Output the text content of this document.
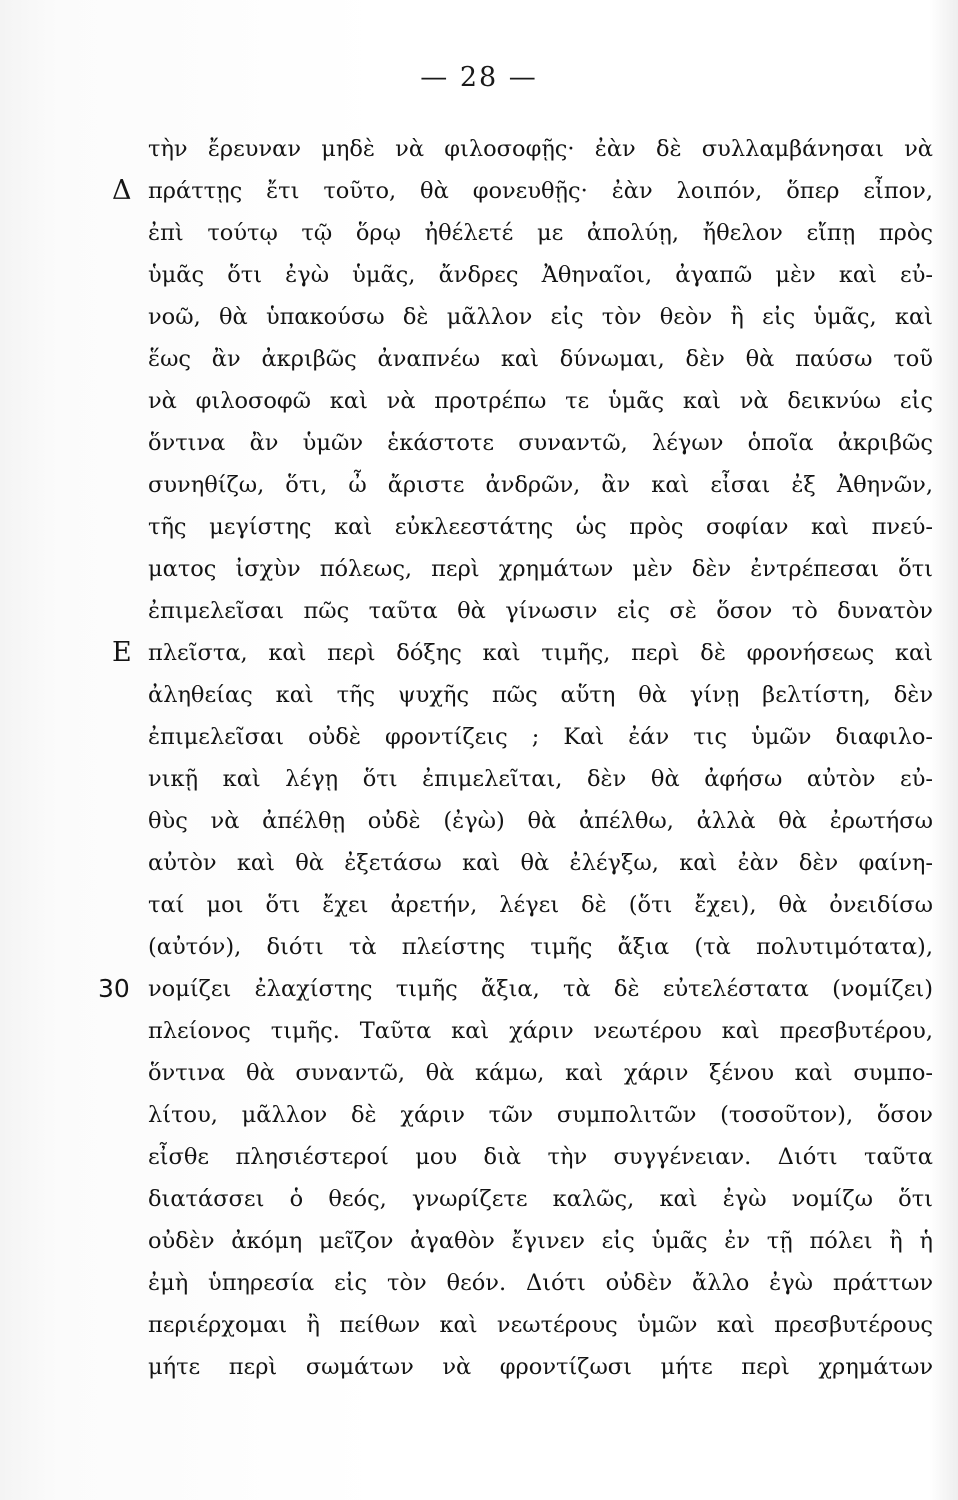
— 28 —
τὴν ἔρευναν μηδὲ νὰ φιλοσοφῇς· ἐὰν δὲ συλλαμβάνησαι νὰ
Δ πράττῃς ἔτι τοῦτο, θὰ φονευθῇς· ἐὰν λοιπόν, ὅπερ εἶπον,
ἐπὶ τούτῳ τῷ ὅρῳ ἠθέλετέ με ἀπολύῃ, ἤθελον εἴπῃ πρὸς
ὑμᾶς ὅτι ἐγὼ ὑμᾶς, ἄνδρες Ἀθηναῖοι, ἀγαπῶ μὲν καὶ εὐ-
νοῶ, θὰ ὑπακούσω δὲ μᾶλλον εἰς τὸν θεὸν ἢ εἰς ὑμᾶς, καὶ
ἕως ἂν ἀκριβῶς ἀναπνέω καὶ δύνωμαι, δὲν θὰ παύσω τοῦ
νὰ φιλοσοφῶ καὶ νὰ προτρέπω τε ὑμᾶς καὶ νὰ δεικνύω εἰς
ὅντινα ἂν ὑμῶν ἑκάστοτε συναντῶ, λέγων ὁποῖα ἀκριβῶς
συνηθίζω, ὅτι, ὦ ἄριστε ἀνδρῶν, ἂν καὶ εἶσαι ἐξ Ἀθηνῶν,
τῆς μεγίστης καὶ εὐκλεεστάτης ὡς πρὸς σοφίαν καὶ πνεύ-
ματος ἰσχὺν πόλεως, περὶ χρημάτων μὲν δὲν ἐντρέπεσαι ὅτι
ἐπιμελεῖσαι πῶς ταῦτα θὰ γίνωσιν εἰς σὲ ὅσον τὸ δυνατὸν
Ε πλεῖστα, καὶ περὶ δόξης καὶ τιμῆς, περὶ δὲ φρονήσεως καὶ
ἀληθείας καὶ τῆς ψυχῆς πῶς αὕτη θὰ γίνῃ βελτίστη, δὲν
ἐπιμελεῖσαι οὐδὲ φροντίζεις ; Καὶ ἐάν τις ὑμῶν διαφιλο-
νικῇ καὶ λέγῃ ὅτι ἐπιμελεῖται, δὲν θὰ ἀφήσω αὐτὸν εὐ-
θὺς νὰ ἀπέλθῃ οὐδὲ (ἐγὼ) θὰ ἀπέλθω, ἀλλὰ θὰ ἐρωτήσω
αὐτὸν καὶ θὰ ἐξετάσω καὶ θὰ ἐλέγξω, καὶ ἐὰν δὲν φαίνη-
ταί μοι ὅτι ἔχει ἀρετήν, λέγει δὲ (ὅτι ἔχει), θὰ ὀνειδίσω
(αὐτόν), διότι τὰ πλείστης τιμῆς ἄξια (τὰ πολυτιμότατα),
30 νομίζει ἐλαχίστης τιμῆς ἄξια, τὰ δὲ εὐτελέστατα (νομίζει)
πλείονος τιμῆς. Ταῦτα καὶ χάριν νεωτέρου καὶ πρεσβυτέρου,
ὅντινα θὰ συναντῶ, θὰ κάμω, καὶ χάριν ξένου καὶ συμπο-
λίτου, μᾶλλον δὲ χάριν τῶν συμπολιτῶν (τοσοῦτον), ὅσον
εἶσθε πλησιέστεροί μου διὰ τὴν συγγένειαν. Διότι ταῦτα
διατάσσει ὁ θεός, γνωρίζετε καλῶς, καὶ ἐγὼ νομίζω ὅτι
οὐδὲν ἀκόμη μεῖζον ἀγαθὸν ἔγινεν εἰς ὑμᾶς ἐν τῇ πόλει ἢ ἡ
ἐμὴ ὑπηρεσία εἰς τὸν θεόν. Διότι οὐδὲν ἄλλο ἐγὼ πράττων
περιέρχομαι ἢ πείθων καὶ νεωτέρους ὑμῶν καὶ πρεσβυτέρους
μήτε περὶ σωμάτων νὰ φροντίζωσι μήτε περὶ χρημάτων
